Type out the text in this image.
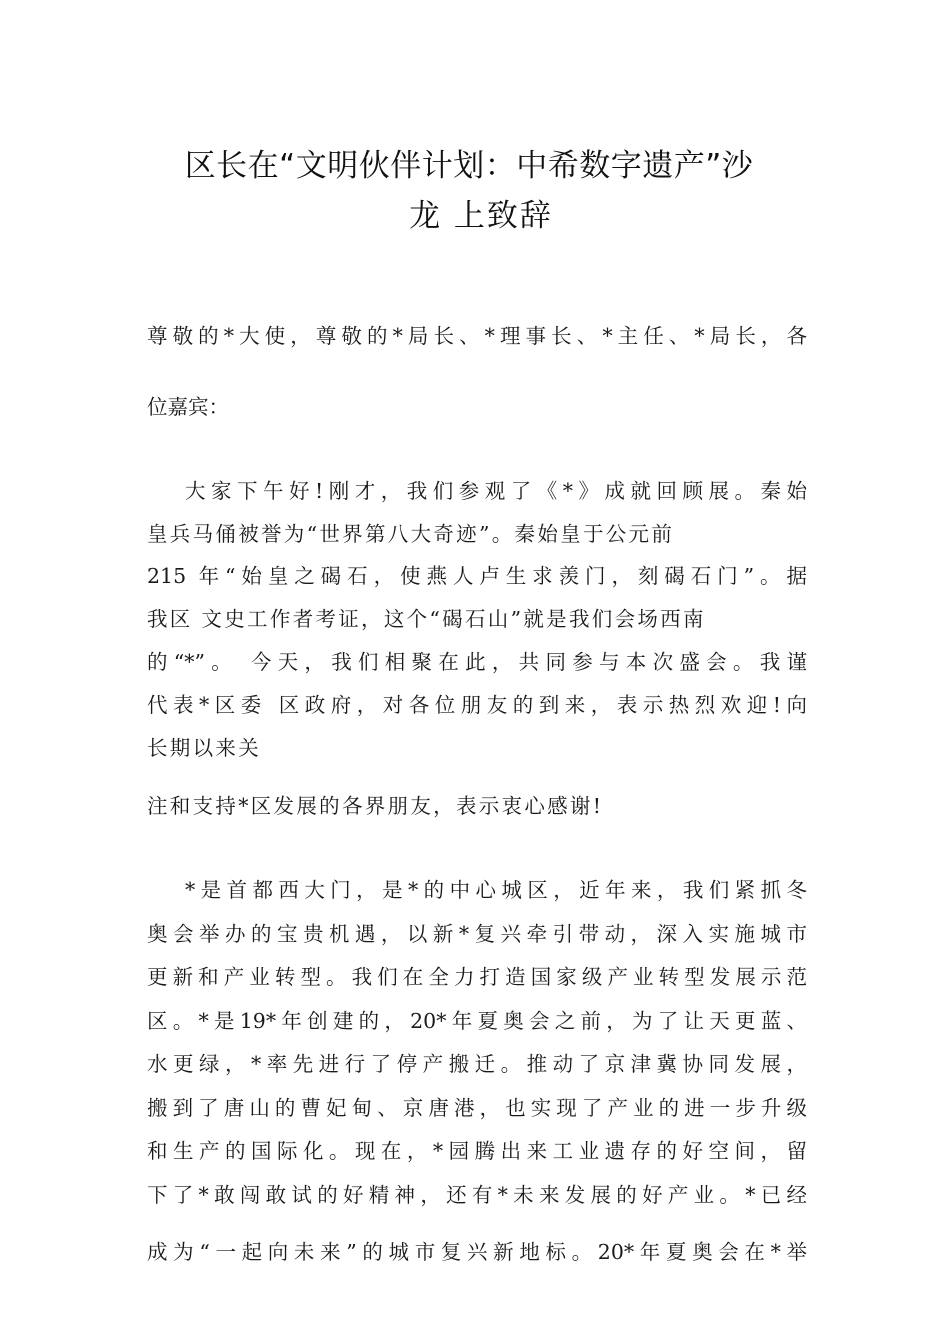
区长在“文明伙伴计划：中希数字遗产”沙
龙 上致辞
尊敬的*大使，尊敬的*局长、*理事长、*主任、*局长，各
位嘉宾：
大家下午好!刚才，我们参观了《*》成就回顾展。秦始
皇兵马俑被誉为“世界第八大奇迹”。秦始皇于公元前
215 年“始皇之碣石，使燕人卢生求羡门，刻碣石门”。据
我区 文史工作者考证，这个“碣石山”就是我们会场西南
的“*”。 今天，我们相聚在此，共同参与本次盛会。我谨
代表*区委 区政府，对各位朋友的到来，表示热烈欢迎!向
长期以来关
注和支持*区发展的各界朋友，表示衷心感谢!
*是首都西大门，是*的中心城区，近年来，我们紧抓冬
奥会举办的宝贵机遇，以新*复兴牵引带动，深入实施城市
更新和产业转型。我们在全力打造国家级产业转型发展示范
区。*是19*年创建的，20*年夏奥会之前，为了让天更蓝、
水更绿，*率先进行了停产搬迁。推动了京津冀协同发展，
搬到了唐山的曹妃甸、京唐港，也实现了产业的进一步升级
和生产的国际化。现在，*园腾出来工业遗存的好空间，留
下了*敢闯敢试的好精神，还有*未来发展的好产业。*已经
成为“一起向未来”的城市复兴新地标。20*年夏奥会在*举
